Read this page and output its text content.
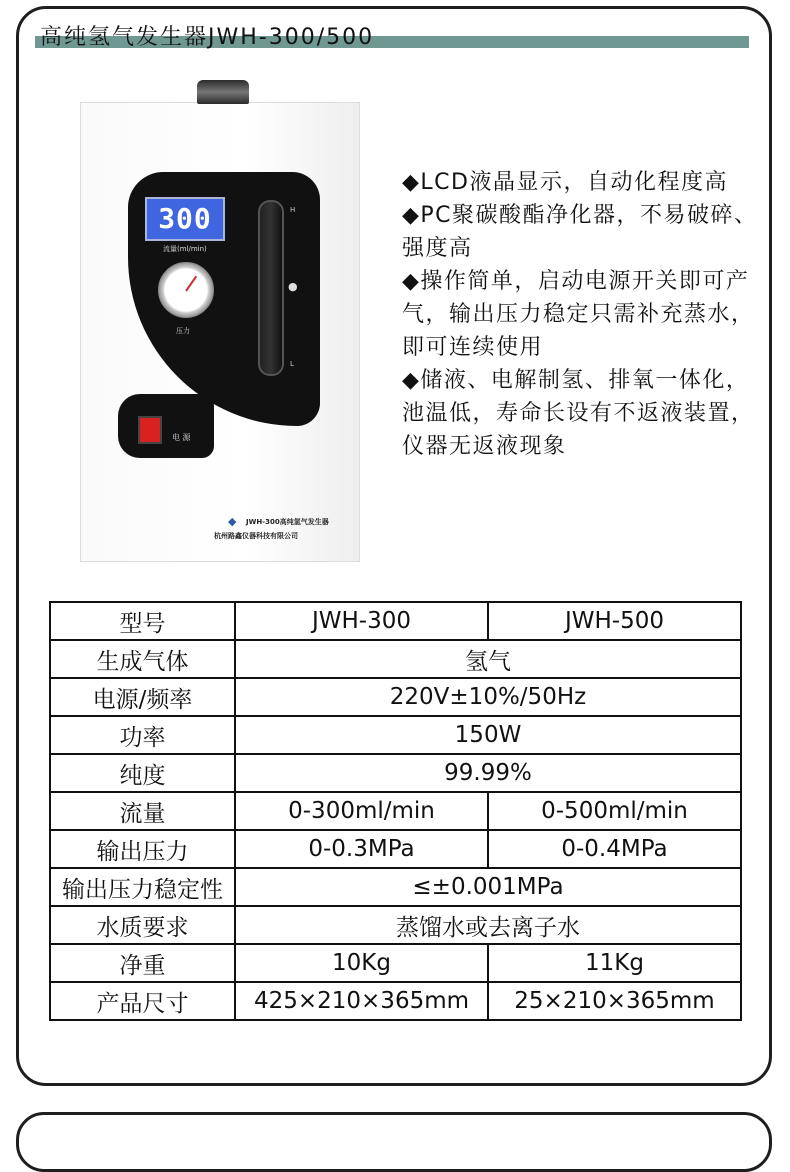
高纯氢气发生器JWH-300/500
300
流量(ml/min)
压力
H
L
●
电 源
◆	JWH-300高纯氢气发生器
杭州路鑫仪器科技有限公司

◆LCD液晶显示，自动化程度高

◆PC聚碳酸酯净化器，不易破碎、强度高

◆操作简单，启动电源开关即可产气，输出压力稳定只需补充蒸水，即可连续使用

◆储液、电解制氢、排氧一体化，池温低，寿命长设有不返液装置，仪器无返液现象

型号	JWH-300	JWH-500
生成气体	氢气	
电源/频率	220V±10%/50Hz	
功率	150W	
纯度	99.99%	
流量	0-300ml/min	0-500ml/min
输出压力	0-0.3MPa	0-0.4MPa
输出压力稳定性	≤±0.001MPa	
水质要求	蒸馏水或去离子水	
净重	10Kg	11Kg
产品尺寸	425×210×365mm	25×210×365mm
